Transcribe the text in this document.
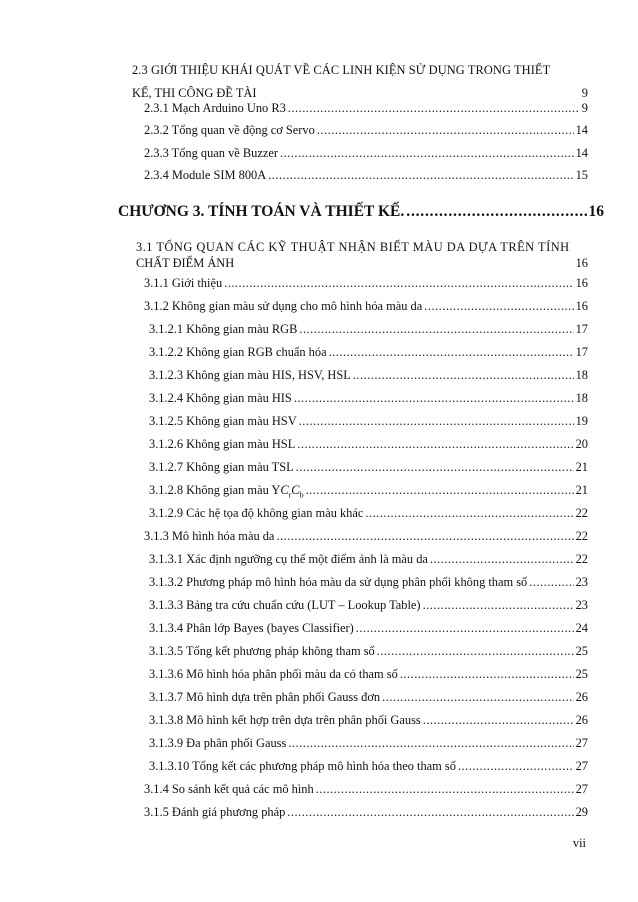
2.3 GIỚI THIỆU KHÁI QUÁT VỀ CÁC LINH KIỆN SỬ DỤNG TRONG THIẾT
KẾ, THI CÔNG ĐỀ TÀI	9
2.3.1 Mạch Arduino Uno R3 .....	9
2.3.2 Tổng quan về động cơ Servo .....	14
2.3.3 Tổng quan về Buzzer .....	14
2.3.4 Module SIM 800A .....	15
CHƯƠNG 3. TÍNH TOÁN VÀ THIẾT KẾ. .....	16
3.1 TỔNG QUAN CÁC KỸ THUẬT NHẬN BIẾT MÀU DA DỰA TRÊN TÍNH
CHẤT ĐIỂM ẢNH	16
3.1.1 Giới thiệu .....	16
3.1.2 Không gian màu sử dụng cho mô hình hóa màu da .....	16
3.1.2.1 Không gian màu RGB .....	17
3.1.2.2 Không gian RGB chuẩn hóa .....	17
3.1.2.3 Không gian màu HIS, HSV, HSL .....	18
3.1.2.4 Không gian màu HIS .....	18
3.1.2.5 Không gian màu HSV .....	19
3.1.2.6 Không gian màu HSL .....	20
3.1.2.7 Không gian màu TSL .....	21
3.1.2.8 Không gian màu $YC_rC_b$ .....	21
3.1.2.9 Các hệ tọa độ không gian màu khác .....	22
3.1.3 Mô hình hóa màu da .....	22
3.1.3.1 Xác định ngưỡng cụ thể một điểm ảnh là màu da .....	22
3.1.3.2 Phương pháp mô hình hóa màu da sử dụng phân phối không tham số .....	23
3.1.3.3 Bảng tra cứu chuẩn cứu (LUT – Lookup Table) .....	23
3.1.3.4 Phân lớp Bayes (bayes Classifier) .....	24
3.1.3.5 Tổng kết phương pháp không tham số .....	25
3.1.3.6 Mô hình hóa phân phối màu da có tham số .....	25
3.1.3.7 Mô hình dựa trên phân phối Gauss đơn .....	26
3.1.3.8 Mô hình kết hợp trên dựa trên phân phối Gauss .....	26
3.1.3.9 Đa phân phối Gauss .....	27
3.1.3.10 Tổng kết các phương pháp mô hình hóa theo tham số .....	27
3.1.4 So sánh kết quả các mô hình .....	27
3.1.5 Đánh giá phương pháp .....	29
vii
